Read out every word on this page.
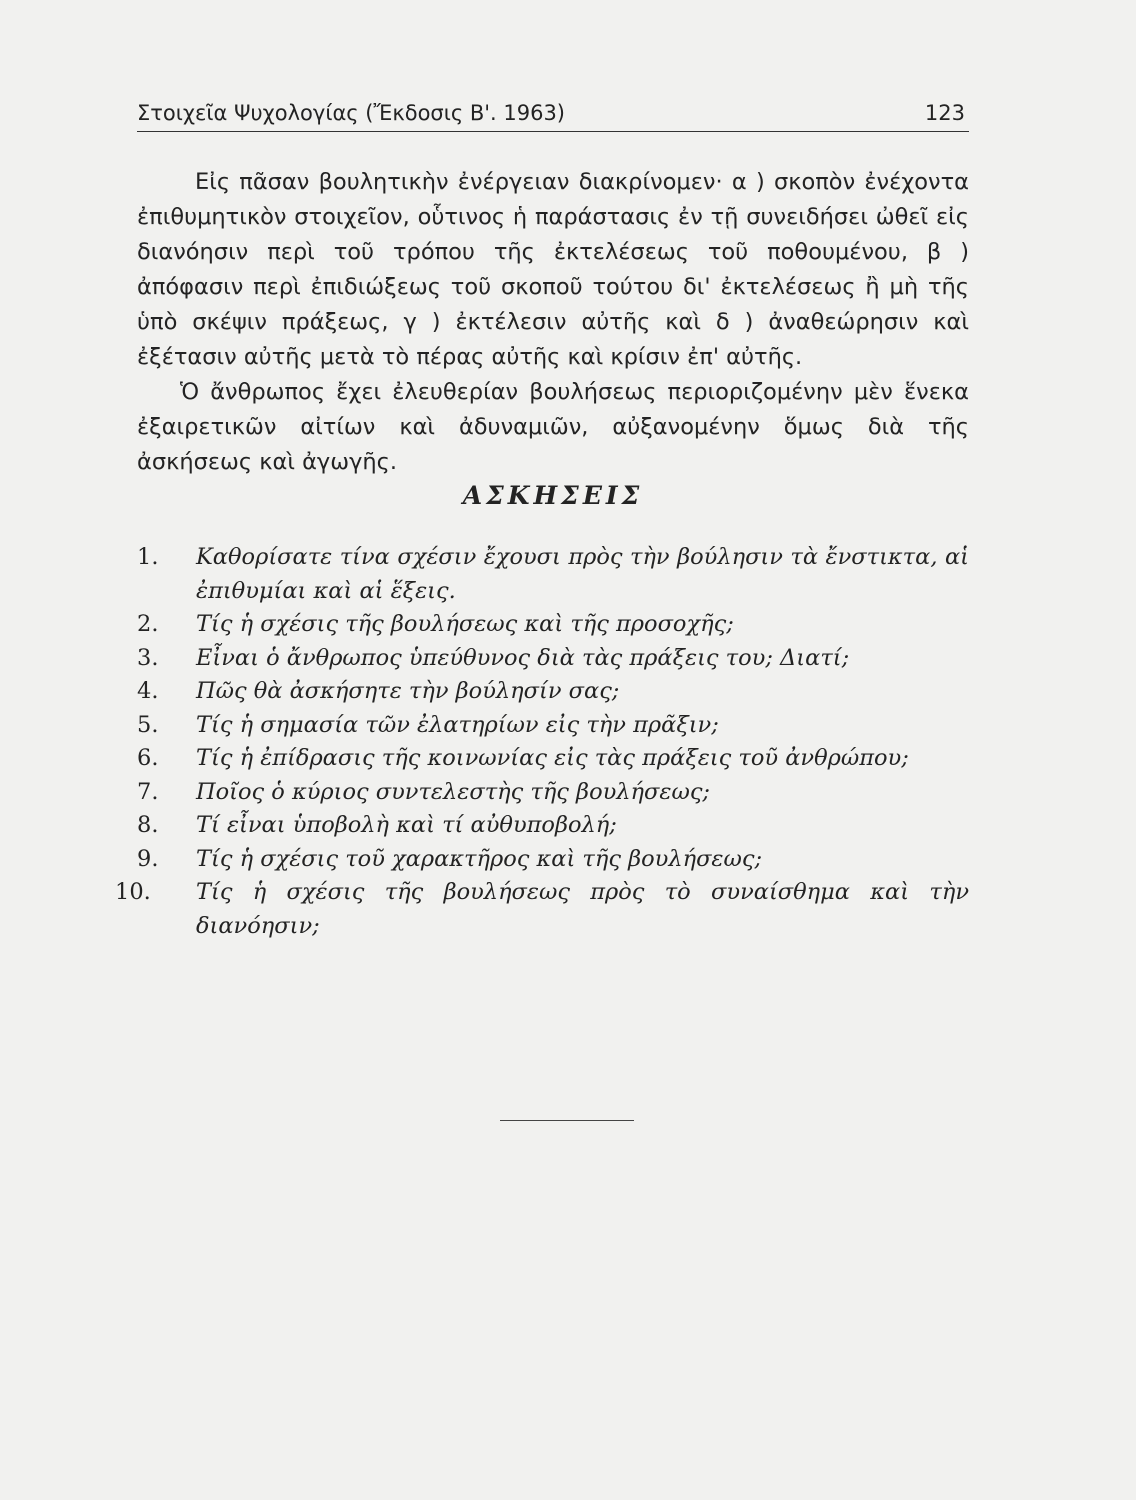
Στοιχεῖα Ψυχολογίας (Ἔκδοσις Β'. 1963)	123

Εἰς πᾶσαν βουλητικὴν ἐνέργειαν διακρίνομεν· α ) σκοπὸν ἐνέχοντα ἐπιθυμητικὸν στοιχεῖον, οὗτινος ἡ παράστασις ἐν τῇ συνειδήσει ὠθεῖ εἰς διανόησιν περὶ τοῦ τρόπου τῆς ἐκτελέσεως τοῦ ποθουμένου, β ) ἀπόφασιν περὶ ἐπιδιώξεως τοῦ σκοποῦ τούτου δι' ἐκτελέσεως ἢ μὴ τῆς ὑπὸ σκέψιν πράξεως, γ ) ἐκτέλεσιν αὐτῆς καὶ δ ) ἀναθεώρησιν καὶ ἐξέτασιν αὐτῆς μετὰ τὸ πέρας αὐτῆς καὶ κρίσιν ἐπ' αὐτῆς.

Ὁ ἄνθρωπος ἔχει ἐλευθερίαν βουλήσεως περιοριζομένην μὲν ἕνεκα ἐξαιρετικῶν αἰτίων καὶ ἀδυναμιῶν, αὐξανομένην ὅμως διὰ τῆς ἀσκήσεως καὶ ἀγωγῆς.

ΑΣΚΗΣΕΙΣ
1.	Καθορίσατε τίνα σχέσιν ἔχουσι πρὸς τὴν βούλησιν τὰ ἔνστικτα, αἱ ἐπιθυμίαι καὶ αἱ ἕξεις.
2.	Τίς ἡ σχέσις τῆς βουλήσεως καὶ τῆς προσοχῆς;
3.	Εἶναι ὁ ἄνθρωπος ὑπεύθυνος διὰ τὰς πράξεις του; Διατί;
4.	Πῶς θὰ ἀσκήσητε τὴν βούλησίν σας;
5.	Τίς ἡ σημασία τῶν ἐλατηρίων εἰς τὴν πρᾶξιν;
6.	Τίς ἡ ἐπίδρασις τῆς κοινωνίας εἰς τὰς πράξεις τοῦ ἀνθρώπου;
7.	Ποῖος ὁ κύριος συντελεστὴς τῆς βουλήσεως;
8.	Τί εἶναι ὑποβολὴ καὶ τί αὐθυποβολή;
9.	Τίς ἡ σχέσις τοῦ χαρακτῆρος καὶ τῆς βουλήσεως;
10.	Τίς ἡ σχέσις τῆς βουλήσεως πρὸς τὸ συναίσθημα καὶ τὴν διανόησιν;
